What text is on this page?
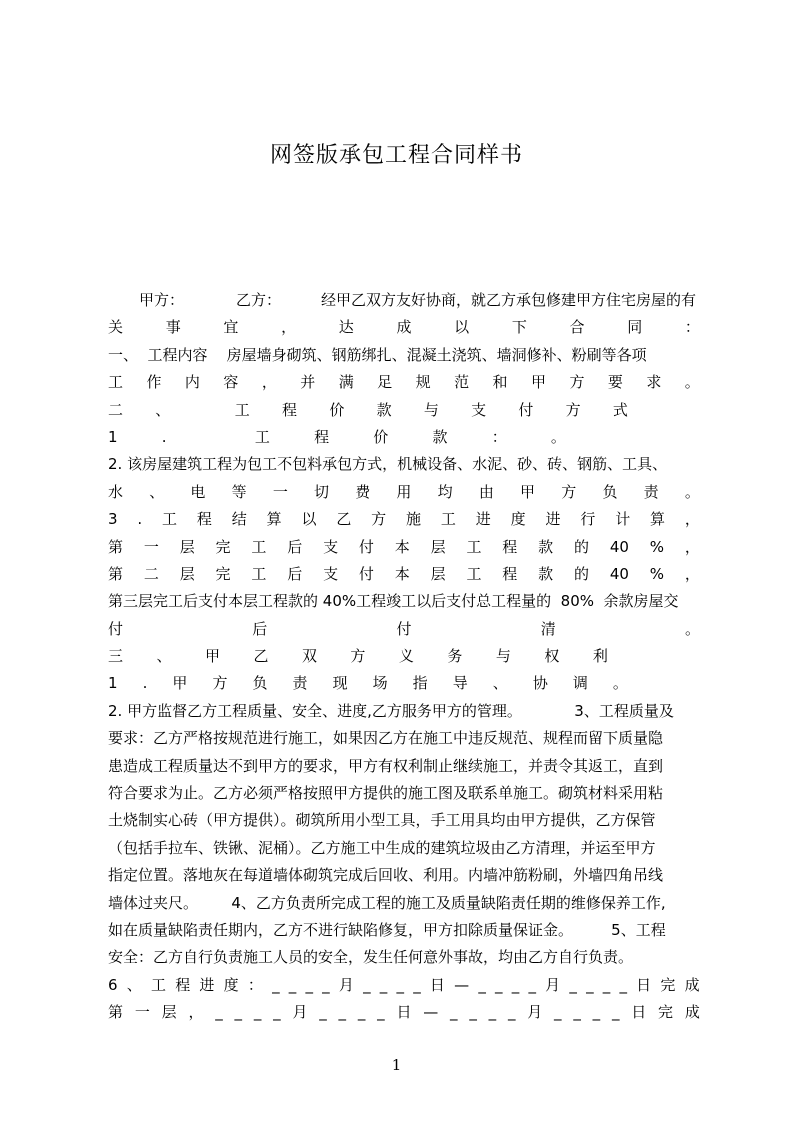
网签版承包工程合同样书
甲方：	乙方：	经甲乙双方友好协商，就乙方承包修建甲方住宅房屋的有
关	事	宜	，	达	成	以	下	合	同	：
一、  工程内容    房屋墙身砌筑、钢筋绑扎、混凝土浇筑、墙洞修补、粉刷等各项
工 作 内 容 ， 并 满 足 规 范 和 甲 方 要 求 。
二 、	工 程 价 款 与 支 付 方 式
1	.	工	程	价	款	：	。
2. 该房屋建筑工程为包工不包料承包方式，机械设备、水泥、砂、砖、钢筋、工具、
水 、 电 等 一 切 费 用 均 由 甲 方 负 责 。
3 . 工 程 结 算 以 乙 方 施 工 进 度 进 行 计 算 ，
第 一 层 完 工 后 支 付 本 层 工 程 款 的 40 % ，
第 二 层 完 工 后 支 付 本 层 工 程 款 的 40 % ，
第三层完工后支付本层工程款的 40%工程竣工以后支付总工程量的  80%  余款房屋交
付	后	付	清	。
三 、 甲 乙 双 方 义 务 与 权 利
1 . 甲 方 负 责 现 场 指 导 、 协 调 。
2. 甲方监督乙方工程质量、安全、进度,乙方服务甲方的管理。           3、工程质量及
要求：乙方严格按规范进行施工，如果因乙方在施工中违反规范、规程而留下质量隐
患造成工程质量达不到甲方的要求，甲方有权利制止继续施工，并责令其返工，直到
符合要求为止。乙方必须严格按照甲方提供的施工图及联系单施工。砌筑材料采用粘
土烧制实心砖（甲方提供）。砌筑所用小型工具，手工用具均由甲方提供，乙方保管
（包括手拉车、铁锹、泥桶）。乙方施工中生成的建筑垃圾由乙方清理，并运至甲方
指定位置。落地灰在每道墙体砌筑完成后回收、利用。内墙冲筋粉刷，外墙四角吊线
墙体过夹尺。       4、乙方负责所完成工程的施工及质量缺陷责任期的维修保养工作,
如在质量缺陷责任期内，乙方不进行缺陷修复，甲方扣除质量保证金。        5、工程
安全：乙方自行负责施工人员的安全，发生任何意外事故，均由乙方自行负责。
6 、 工 程 进 度 ： _ _ _ _ 月 _ _ _ _ 日 — _ _ _ _ 月 _ _ _ _ 日 完 成
第 一 层 ， _ _ _ _ 月 _ _ _ _ 日 — _ _ _ _ 月 _ _ _ _ 日 完 成
1
